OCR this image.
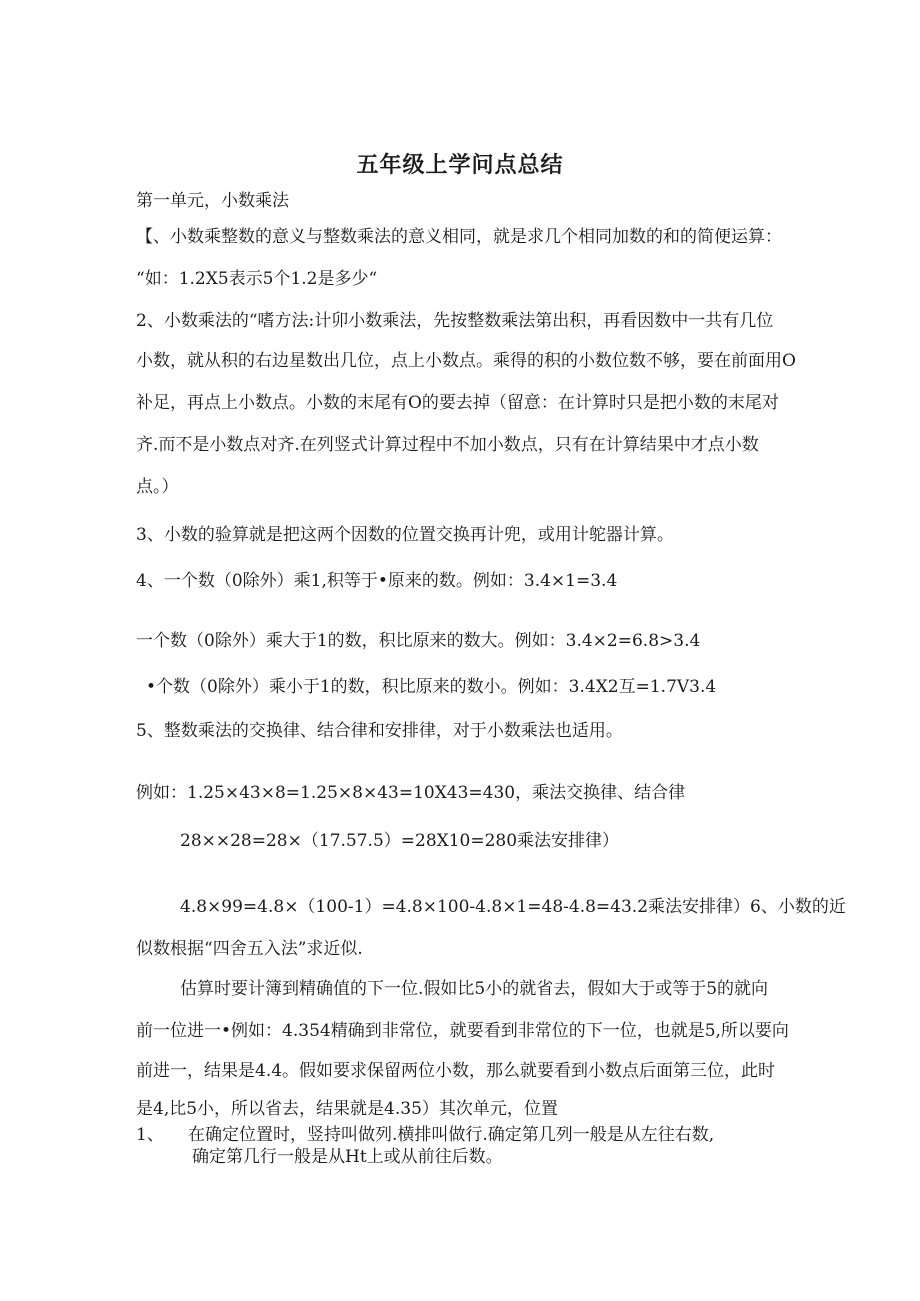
五年级上学问点总结
第一单元，小数乘法
【、小数乘整数的意义与整数乘法的意义相同，就是求几个相同加数的和的简便运算：
“如：1.2X5表示5个1.2是多少“
2、小数乘法的“嗜方法:计卯小数乘法，先按整数乘法第出积，再看因数中一共有几位
小数，就从积的右边星数出几位，点上小数点。乘得的积的小数位数不够，要在前面用O
补足，再点上小数点。小数的末尾有O的要去掉（留意：在计算时只是把小数的末尾对
齐.而不是小数点对齐.在列竖式计算过程中不加小数点，只有在计算结果中才点小数
点。）
3、小数的验算就是把这两个因数的位置交换再计兜，或用计鸵器计算。
4、一个数（0除外）乘1,积等于•原来的数。例如：3.4×1=3.4
一个数（0除外）乘大于1的数，积比原来的数大。例如：3.4×2=6.8>3.4
•个数（0除外）乘小于1的数，积比原来的数小。例如：3.4X2互=1.7V3.4
5、整数乘法的交换律、结合律和安排律，对于小数乘法也适用。
例如：1.25×43×8=1.25×8×43=10X43=430，乘法交换律、结合律
28××28=28×（17.57.5）=28X10=280乘法安排律）
4.8×99=4.8×（100-1）=4.8×100-4.8×1=48-4.8=43.2乘法安排律）6、小数的近
似数根据“四舍五入法”求近似.
估算时要计簿到精确值的下一位.假如比5小的就省去，假如大于或等于5的就向
前一位进一•例如：4.354精确到非常位，就要看到非常位的下一位，也就是5,所以要向
前进一，结果是4.4。假如要求保留两位小数，那么就要看到小数点后面第三位，此时
是4,比5小，所以省去，结果就是4.35）其次单元，位置
1、 在确定位置时，竖持叫做列.横排叫做行.确定第几列一般是从左往右数,
确定第几行一般是从Ht上或从前往后数。
